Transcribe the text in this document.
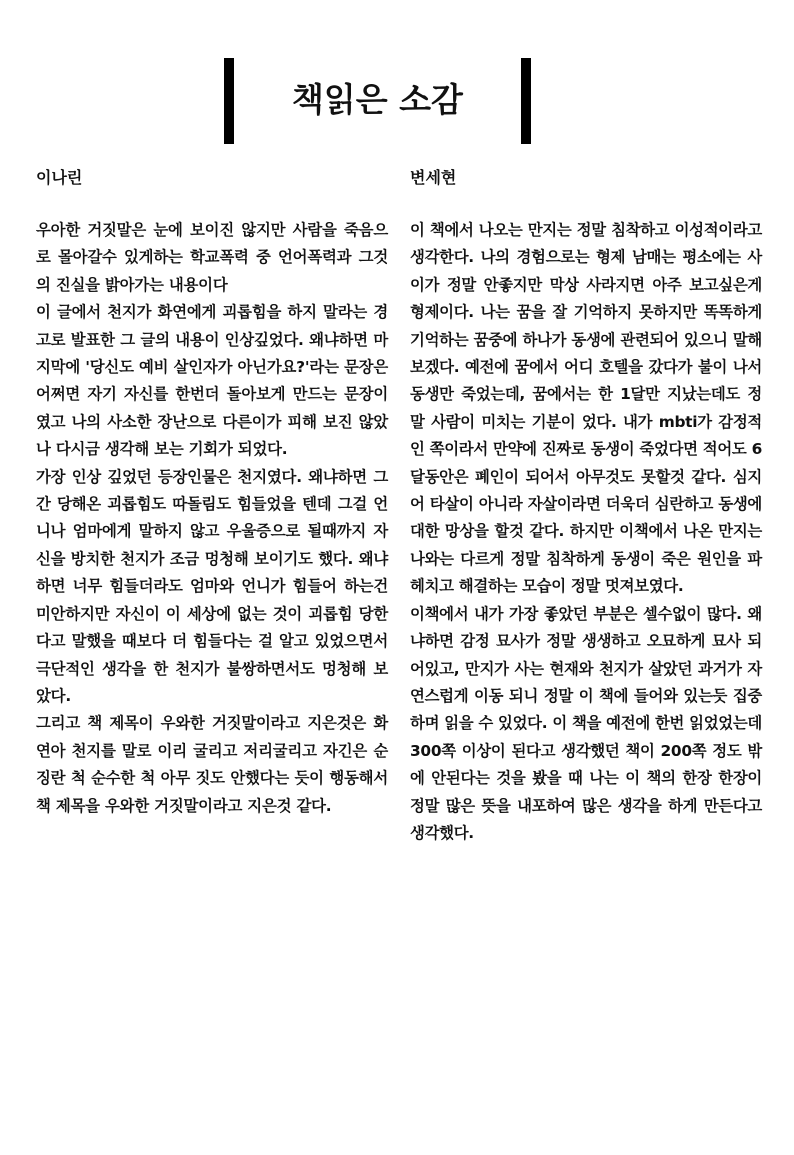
책읽은 소감
이나린

우아한 거짓말은 눈에 보이진 않지만 사람을 죽음으로 몰아갈수 있게하는 학교폭력 중 언어폭력과 그것의 진실을 밝아가는 내용이다

이 글에서 천지가 화연에게 괴롭힘을 하지 말라는 경고로 발표한 그 글의 내용이 인상깊었다. 왜냐하면 마지막에 '당신도 예비 살인자가 아닌가요?'라는 문장은 어쩌면 자기 자신를 한번더 돌아보게 만드는 문장이 였고 나의 사소한 장난으로 다른이가 피해 보진 않았나 다시금 생각해 보는 기회가 되었다.

가장 인상 깊었던 등장인물은 천지였다. 왜냐하면 그간 당해온 괴롭힘도 따돌림도 힘들었을 텐데 그걸 언니나 엄마에게 말하지 않고 우울증으로 될때까지 자신을 방치한 천지가 조금 멍청해 보이기도 했다. 왜냐하면 너무 힘들더라도 엄마와 언니가 힘들어 하는건 미안하지만 자신이 이 세상에 없는 것이 괴롭힘 당한다고 말했을 때보다 더 힘들다는 걸 알고 있었으면서 극단적인 생각을 한 천지가 불쌍하면서도 멍청해 보았다.

그리고 책 제목이 우와한 거짓말이라고 지은것은 화연아 천지를 말로 이리 굴리고 저리굴리고 자긴은 순징란 척 순수한 척 아무 짓도 안했다는 듯이 행동해서 책 제목을 우와한 거짓말이라고 지은것 같다.

변세현

이 책에서 나오는 만지는 정말 침착하고 이성적이라고 생각한다. 나의 경험으로는 형제 남매는 평소에는 사이가 정말 안좋지만 막상 사라지면 아주 보고싶은게 형제이다. 나는 꿈을 잘 기억하지 못하지만 똑똑하게 기억하는 꿈중에 하나가 동생에 관련되어 있으니 말해 보겠다. 예전에 꿈에서 어디 호텔을 갔다가 불이 나서 동생만 죽었는데, 꿈에서는 한 1달만 지났는데도 정말 사람이 미치는 기분이 었다. 내가 mbti가 감정적인 쪽이라서 만약에 진짜로 동생이 죽었다면 적어도 6달동안은 폐인이 되어서 아무것도 못할것 같다. 심지어 타살이 아니라 자살이라면 더욱더 심란하고 동생에 대한 망상을 할것 같다. 하지만 이책에서 나온 만지는 나와는 다르게 정말 침착하게 동생이 죽은 원인을 파헤치고 해결하는 모습이 정말 멋져보였다.

이책에서 내가 가장 좋았던 부분은 셀수없이 많다. 왜냐하면 감정 묘사가 정말 생생하고 오묘하게 묘사 되어있고, 만지가 사는 현재와 천지가 살았던 과거가 자연스럽게 이동 되니 정말 이 책에 들어와 있는듯 집중하며 읽을 수 있었다. 이 책을 예전에 한번 읽었었는데 300쪽 이상이 된다고 생각했던 책이 200쪽 정도 밖에 안된다는 것을 봤을 때 나는 이 책의 한장 한장이 정말 많은 뜻을 내포하여 많은 생각을 하게 만든다고 생각했다.
